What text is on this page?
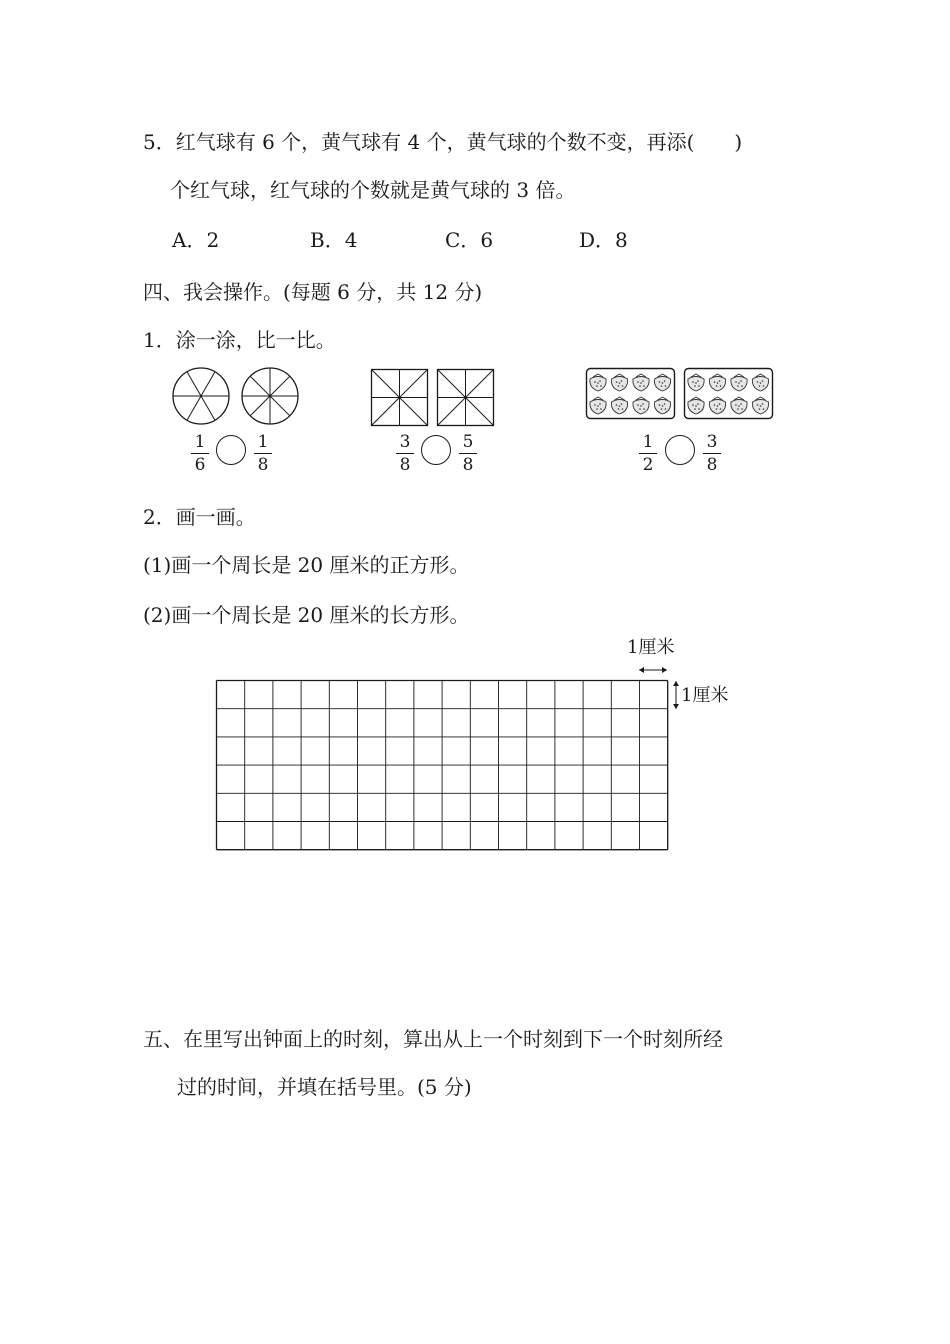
5．红气球有 6 个，黄气球有 4 个，黄气球的个数不变，再添(　　)
个红气球，红气球的个数就是黄气球的 3 倍。
A．2	B．4	C．6	D．8
四、我会操作。(每题 6 分，共 12 分)
1．涂一涂，比一比。
1
6
1
8
3
8
5
8
1
2
3
8
2．画一画。
(1)画一个周长是 20 厘米的正方形。
(2)画一个周长是 20 厘米的长方形。
1厘米
1厘米
五、在里写出钟面上的时刻，算出从上一个时刻到下一个时刻所经
过的时间，并填在括号里。(5 分)
